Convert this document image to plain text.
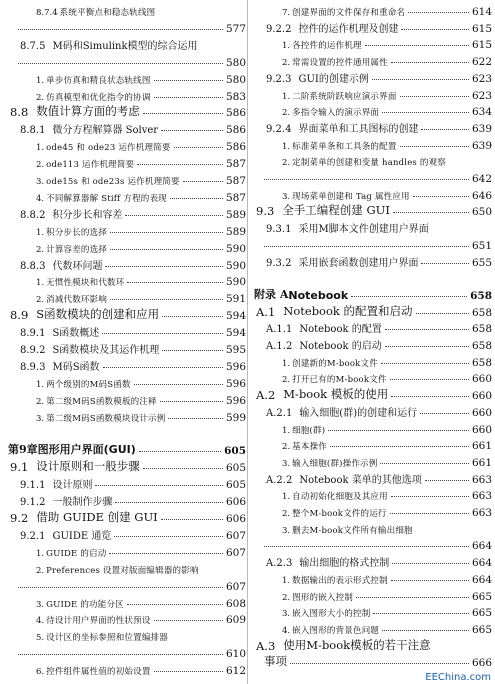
8.7.4 系统平衡点和稳态轨线图
577
8.7.5 M码和Simulink模型的综合运用
580
1. 单步仿真和精良状态轨线图	580
2. 仿真模型和优化指令的协调	583
8.8 数值计算方面的考虑	586
8.8.1 微分方程解算器 Solver	586
1. ode45 和 ode23 运作机理简要	586
2. ode113 运作机理简要	587
3. ode15s 和 ode23s 运作机理简要	587
4. 不同解算器解 Stiff 方程的表现	587
8.8.2 积分步长和容差	589
1. 积分步长的选择	589
2. 计算容差的选择	590
8.8.3 代数环问题	590
1. 无惯性模块和代数环	590
2. 消减代数环影响	591
8.9 S函数模块的创建和应用	594
8.9.1 S函数概述	594
8.9.2 S函数模块及其运作机理	595
8.9.3 M码S函数	596
1. 两个级别的M码S函数	596
2. 第二级M码S函数模板的注释	596
3. 第二级M码S函数模块设计示例	599
第9章 图形用户界面(GUI)	605
9.1 设计原则和一般步骤	605
9.1.1 设计原则	605
9.1.2 一般制作步骤	606
9.2 借助 GUIDE 创建 GUI	606
9.2.1 GUIDE 通览	607
1. GUIDE 的启动	607
2. Preferences 设置对版面编辑器的影响
607
3. GUIDE 的功能分区	608
4. 待设计用户界面的性状预设	609
5. 设计区的坐标参照和位置编排器
610
6. 控件组件属性值的初始设置	612
7. 创建界面的文件保存和重命名	614
9.2.2 控件的运作机理及创建	615
1. 各控件的运作机理	615
2. 常需设置的控件通用属性	622
9.2.3 GUI的创建示例	623
1. 二阶系统阶跃响应演示界面	623
2. 多指令输入的演示界面	634
9.2.4 界面菜单和工具图标的创建	639
1. 标准菜单条和工具条的配置	639
2. 定制菜单的创建和变量 handles 的观察
642
3. 现场菜单创建和 Tag 属性应用	646
9.3 全手工编程创建 GUI	650
9.3.1 采用M脚本文件创建用户界面
651
9.3.2 采用嵌套函数创建用户界面	655
附录 A Notebook	658
A.1 Notebook 的配置和启动	658
A.1.1 Notebook 的配置	658
A.1.2 Notebook 的启动	658
1. 创建新的M-book文件	658
2. 打开已有的M-book文件	660
A.2 M-book 模板的使用	660
A.2.1 输入细胞(群)的创建和运行	660
1. 细胞(群)	660
2. 基本操作	661
3. 输入细胞(群)操作示例	661
A.2.2 Notebook 菜单的其他选项	663
1. 自动初始化细胞及其应用	663
2. 整个M-book文件的运行	663
3. 删去M-book文件所有输出细胞
664
A.2.3 输出细胞的格式控制	664
1. 数据输出的表示形式控制	664
2. 图形的嵌入控制	665
3. 嵌入图形大小的控制	665
4. 嵌入图形的背景色问题	665
A.3 使用M-book模板的若干注意
事项	666
EEChina.com
